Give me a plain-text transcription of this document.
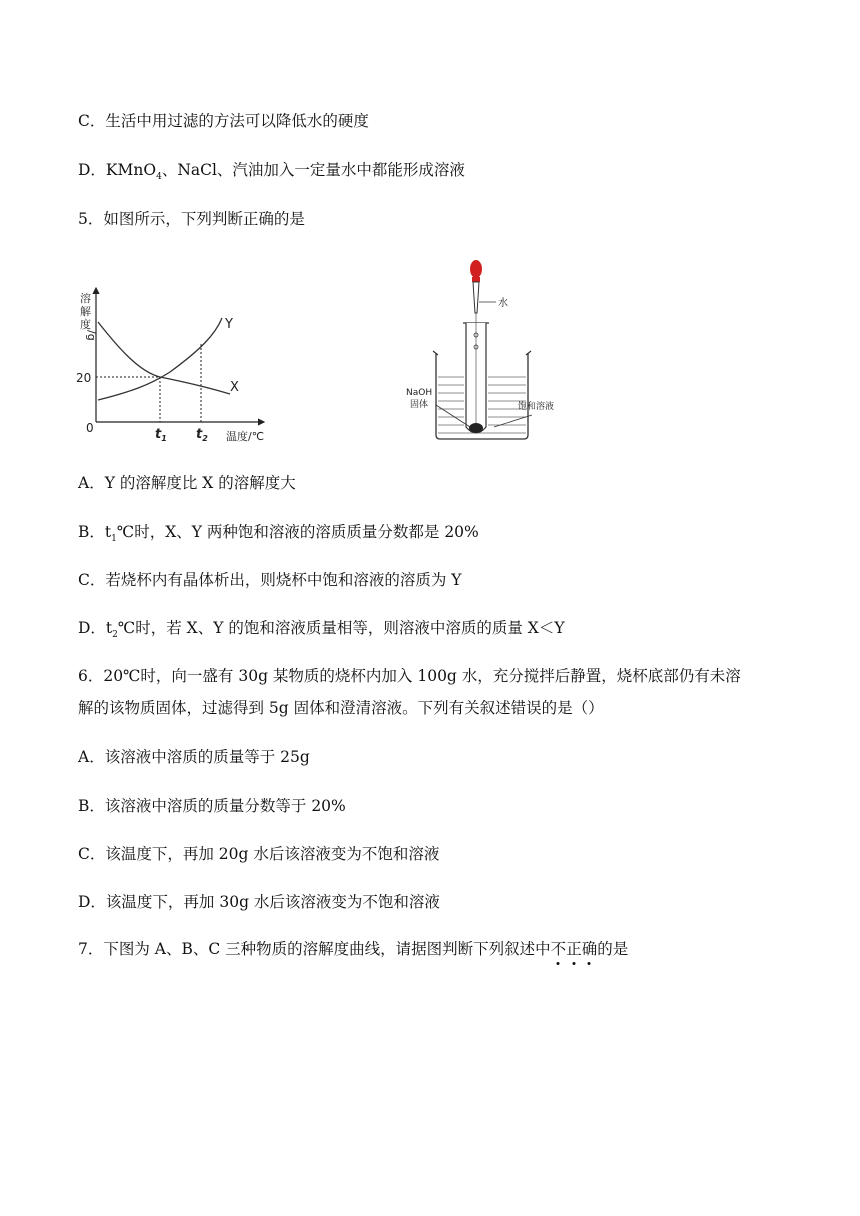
C．生活中用过滤的方法可以降低水的硬度
D．KMnO$_4$、NaCl、汽油加入一定量水中都能形成溶液
5．如图所示，下列判断正确的是
溶
解
度
/g
20
0
Y
X
$t_1$ $t_2$ 温度/℃
水
NaOH
固体	饱和溶液
A．Y 的溶解度比 X 的溶解度大
B．$t_1℃$时，X、Y 两种饱和溶液的溶质质量分数都是 20%
C．若烧杯内有晶体析出，则烧杯中饱和溶液的溶质为 Y
D．$t_2℃$时，若 X、Y 的饱和溶液质量相等，则溶液中溶质的质量 X＜Y
6．20℃时，向一盛有 30g 某物质的烧杯内加入 100g 水，充分搅拌后静置，烧杯底部仍有未溶
解的该物质固体，过滤得到 5g 固体和澄清溶液。下列有关叙述错误的是（）
A．该溶液中溶质的质量等于 25g
B．该溶液中溶质的质量分数等于 20%
C．该温度下，再加 20g 水后该溶液变为不饱和溶液
D．该温度下，再加 30g 水后该溶液变为不饱和溶液
7．下图为 A、B、C 三种物质的溶解度曲线，请据图判断下列叙述中不正确的是
